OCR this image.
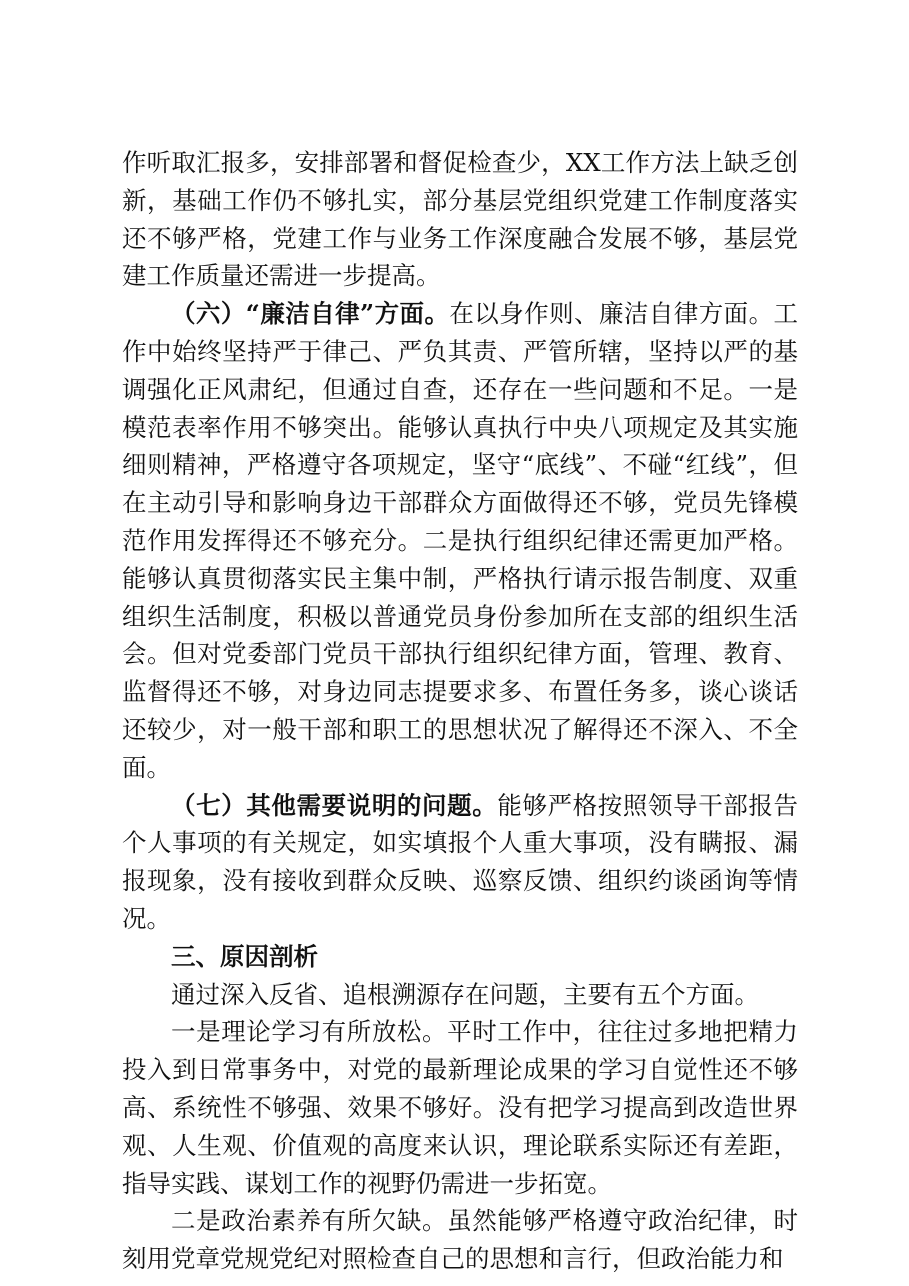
作听取汇报多，安排部署和督促检查少，XX工作方法上缺乏创新，基础工作仍不够扎实，部分基层党组织党建工作制度落实还不够严格，党建工作与业务工作深度融合发展不够，基层党建工作质量还需进一步提高。

（六）“廉洁自律”方面。在以身作则、廉洁自律方面。工作中始终坚持严于律己、严负其责、严管所辖，坚持以严的基调强化正风肃纪，但通过自查，还存在一些问题和不足。一是模范表率作用不够突出。能够认真执行中央八项规定及其实施细则精神，严格遵守各项规定，坚守“底线”、不碰“红线”，但在主动引导和影响身边干部群众方面做得还不够，党员先锋模范作用发挥得还不够充分。二是执行组织纪律还需更加严格。能够认真贯彻落实民主集中制，严格执行请示报告制度、双重组织生活制度，积极以普通党员身份参加所在支部的组织生活会。但对党委部门党员干部执行组织纪律方面，管理、教育、监督得还不够，对身边同志提要求多、布置任务多，谈心谈话还较少，对一般干部和职工的思想状况了解得还不深入、不全面。

（七）其他需要说明的问题。能够严格按照领导干部报告个人事项的有关规定，如实填报个人重大事项，没有瞒报、漏报现象，没有接收到群众反映、巡察反馈、组织约谈函询等情况。

三、原因剖析

通过深入反省、追根溯源存在问题，主要有五个方面。

一是理论学习有所放松。平时工作中，往往过多地把精力投入到日常事务中，对党的最新理论成果的学习自觉性还不够高、系统性不够强、效果不够好。没有把学习提高到改造世界观、人生观、价值观的高度来认识，理论联系实际还有差距，指导实践、谋划工作的视野仍需进一步拓宽。

二是政治素养有所欠缺。虽然能够严格遵守政治纪律，时刻用党章党规党纪对照检查自己的思想和言行，但政治能力和
